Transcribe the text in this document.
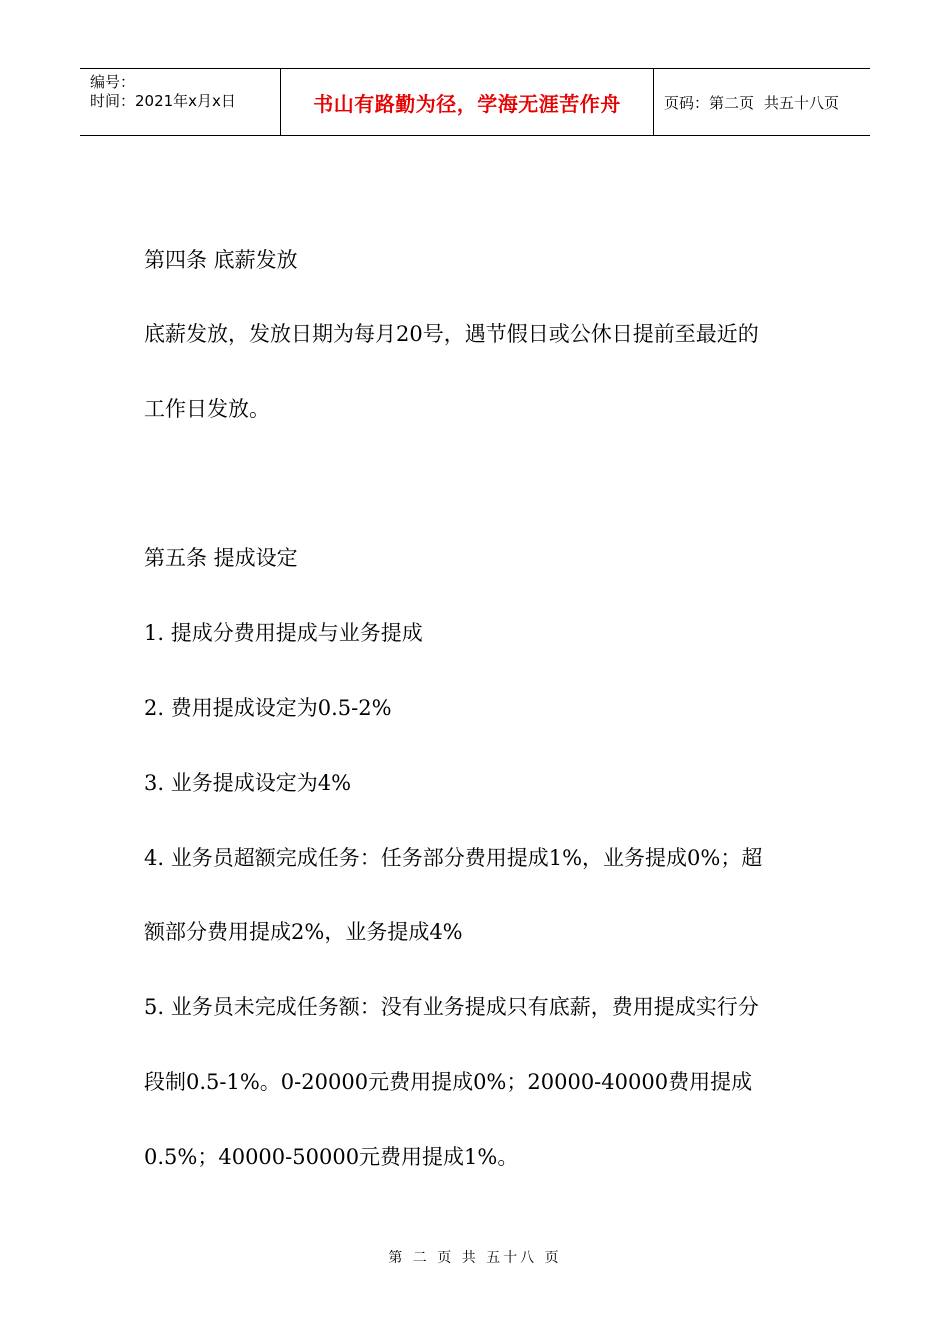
编号：
时间：2021年x月x日	书山有路勤为径，学海无涯苦作舟	页码：第二页 共五十八页
第四条 底薪发放
底薪发放，发放日期为每月20号，遇节假日或公休日提前至最近的
工作日发放。
第五条 提成设定
1. 提成分费用提成与业务提成
2. 费用提成设定为0.5-2%
3. 业务提成设定为4%
4. 业务员超额完成任务：任务部分费用提成1%，业务提成0%；超
额部分费用提成2%，业务提成4%
5. 业务员未完成任务额：没有业务提成只有底薪，费用提成实行分
段制0.5-1%。0-20000元费用提成0%；20000-40000费用提成
0.5%；40000-50000元费用提成1%。
第 二 页 共 五十八 页
